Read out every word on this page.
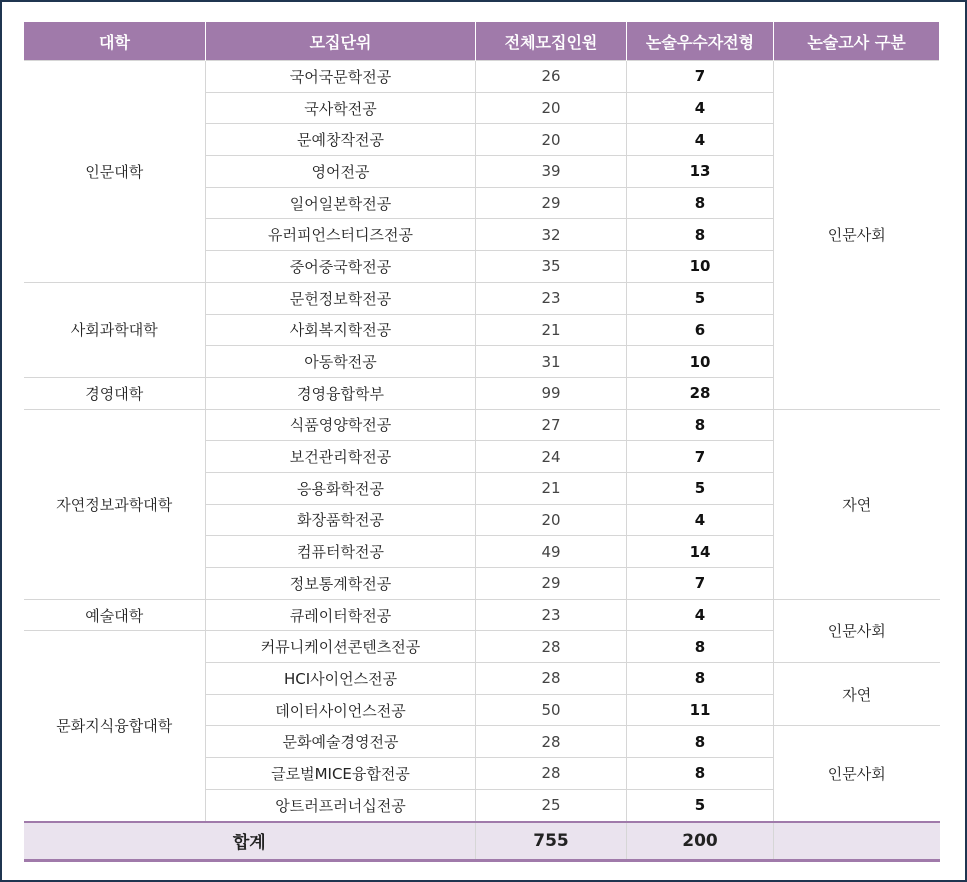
대학	모집단위	전체모집인원	논술우수자전형	논술고사 구분
인문대학	국어국문학전공	26	7	인문사회
	국사학전공	20	4	
	문예창작전공	20	4	
	영어전공	39	13	
	일어일본학전공	29	8	
	유러피언스터디즈전공	32	8	
	중어중국학전공	35	10	
사회과학대학	문헌정보학전공	23	5	
	사회복지학전공	21	6	
	아동학전공	31	10	
경영대학	경영융합학부	99	28	
자연정보과학대학	식품영양학전공	27	8	자연
	보건관리학전공	24	7	
	응용화학전공	21	5	
	화장품학전공	20	4	
	컴퓨터학전공	49	14	
	정보통계학전공	29	7	
예술대학	큐레이터학전공	23	4	인문사회
문화지식융합대학	커뮤니케이션콘텐츠전공	28	8	
	HCI사이언스전공	28	8	자연
	데이터사이언스전공	50	11	
	문화예술경영전공	28	8	인문사회
	글로벌MICE융합전공	28	8	
	앙트러프러너십전공	25	5	
합계		755	200	
